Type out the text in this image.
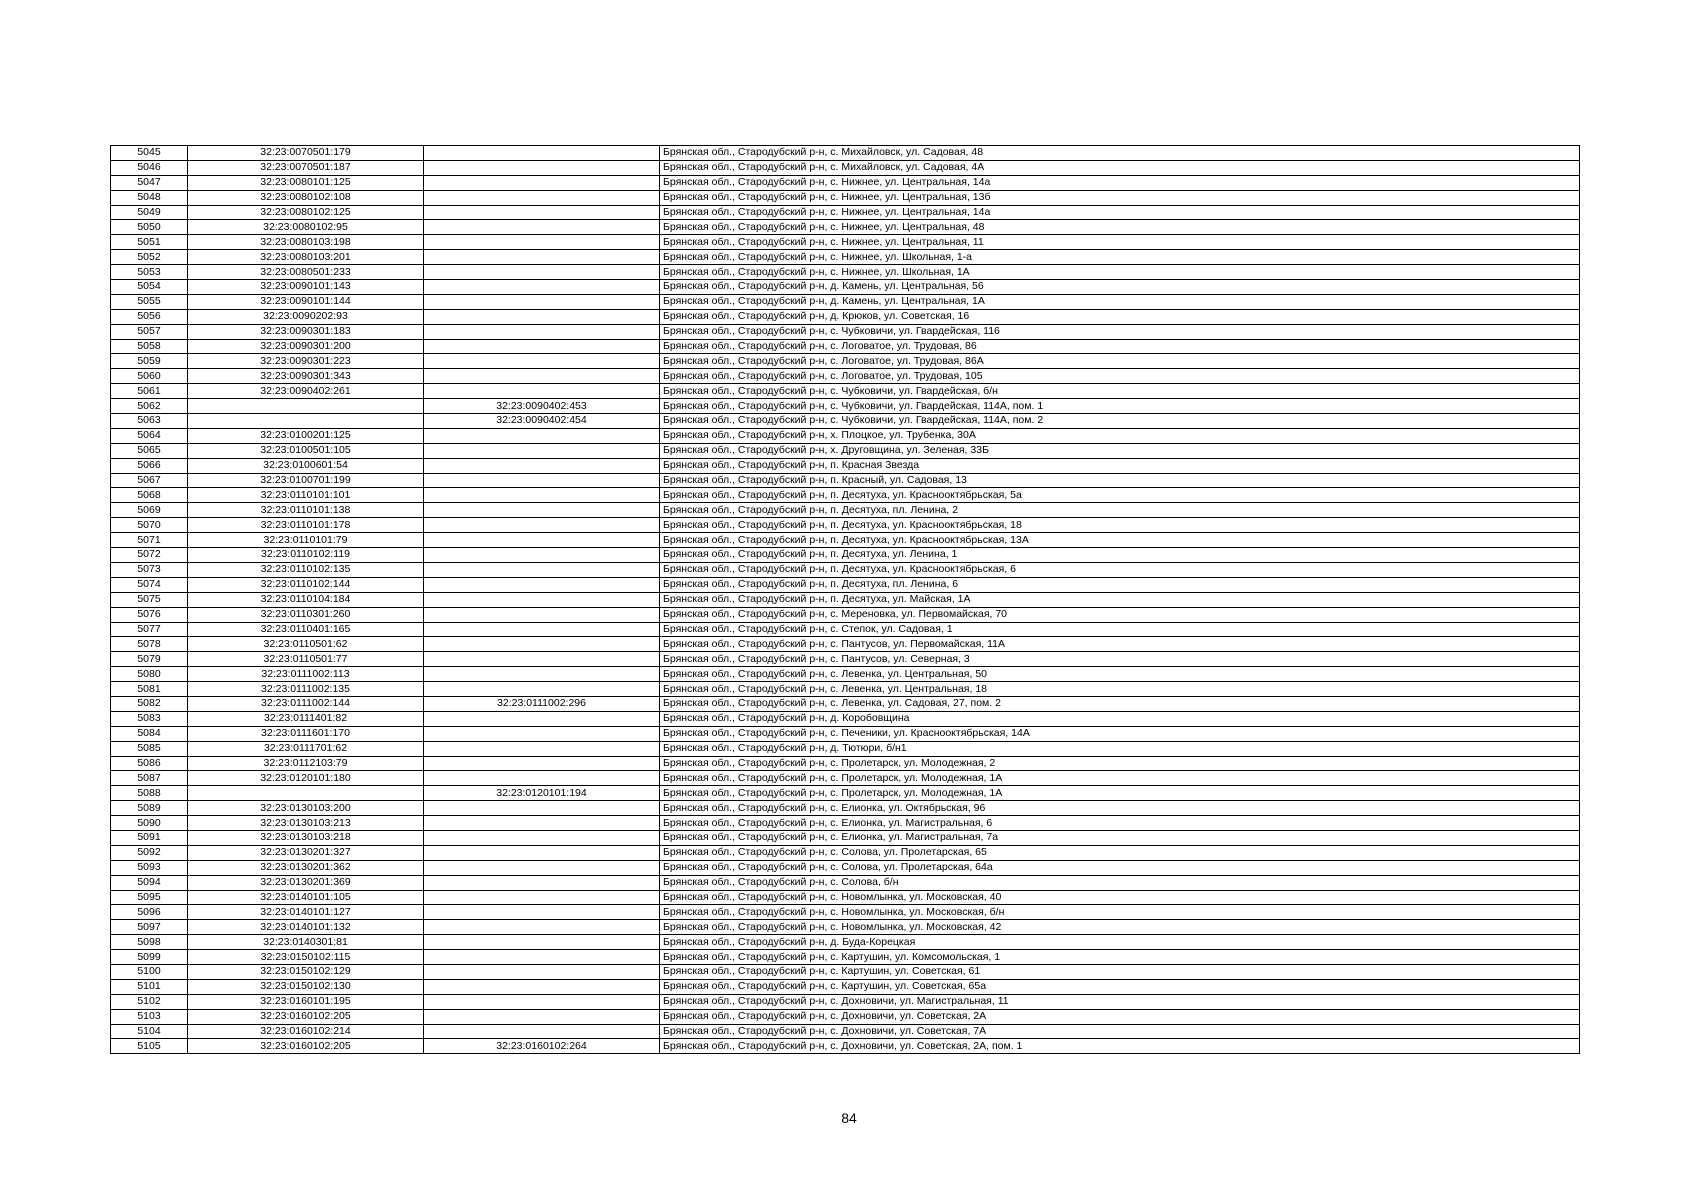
5045	32:23:0070501:179		Брянская обл., Стародубский р-н, с. Михайловск, ул. Садовая, 48
5046	32:23:0070501:187		Брянская обл., Стародубский р-н, с. Михайловск, ул. Садовая, 4А
5047	32:23:0080101:125		Брянская обл., Стародубский р-н, с. Нижнее, ул. Центральная, 14а
5048	32:23:0080102:108		Брянская обл., Стародубский р-н, с. Нижнее, ул. Центральная, 13б
5049	32:23:0080102:125		Брянская обл., Стародубский р-н, с. Нижнее, ул. Центральная, 14а
5050	32:23:0080102:95		Брянская обл., Стародубский р-н, с. Нижнее, ул. Центральная, 48
5051	32:23:0080103:198		Брянская обл., Стародубский р-н, с. Нижнее, ул. Центральная, 11
5052	32:23:0080103:201		Брянская обл., Стародубский р-н, с. Нижнее, ул. Школьная, 1-а
5053	32:23:0080501:233		Брянская обл., Стародубский р-н, с. Нижнее, ул. Школьная, 1А
5054	32:23:0090101:143		Брянская обл., Стародубский р-н, д. Камень, ул. Центральная, 56
5055	32:23:0090101:144		Брянская обл., Стародубский р-н, д. Камень, ул. Центральная, 1А
5056	32:23:0090202:93		Брянская обл., Стародубский р-н, д. Крюков, ул. Советская, 16
5057	32:23:0090301:183		Брянская обл., Стародубский р-н, с. Чубковичи, ул. Гвардейская, 116
5058	32:23:0090301:200		Брянская обл., Стародубский р-н, с. Логоватое, ул. Трудовая, 86
5059	32:23:0090301:223		Брянская обл., Стародубский р-н, с. Логоватое, ул. Трудовая, 86А
5060	32:23:0090301:343		Брянская обл., Стародубский р-н, с. Логоватое, ул. Трудовая, 105
5061	32:23:0090402:261		Брянская обл., Стародубский р-н, с. Чубковичи, ул. Гвардейская, б/н
5062		32:23:0090402:453	Брянская обл., Стародубский р-н, с. Чубковичи, ул. Гвардейская, 114А, пом. 1
5063		32:23:0090402:454	Брянская обл., Стародубский р-н, с. Чубковичи, ул. Гвардейская, 114А, пом. 2
5064	32:23:0100201:125		Брянская обл., Стародубский р-н, х. Плоцкое, ул. Трубенка, 30А
5065	32:23:0100501:105		Брянская обл., Стародубский р-н, х. Друговщина, ул. Зеленая, 33Б
5066	32:23:0100601:54		Брянская обл., Стародубский р-н, п. Красная Звезда
5067	32:23:0100701:199		Брянская обл., Стародубский р-н, п. Красный, ул. Садовая, 13
5068	32:23:0110101:101		Брянская обл., Стародубский р-н, п. Десятуха, ул. Краснооктябрьская, 5а
5069	32:23:0110101:138		Брянская обл., Стародубский р-н, п. Десятуха, пл. Ленина, 2
5070	32:23:0110101:178		Брянская обл., Стародубский р-н, п. Десятуха, ул. Краснооктябрьская, 18
5071	32:23:0110101:79		Брянская обл., Стародубский р-н, п. Десятуха, ул. Краснооктябрьская, 13А
5072	32:23:0110102:119		Брянская обл., Стародубский р-н, п. Десятуха, ул. Ленина, 1
5073	32:23:0110102:135		Брянская обл., Стародубский р-н, п. Десятуха, ул. Краснооктябрьская, 6
5074	32:23:0110102:144		Брянская обл., Стародубский р-н, п. Десятуха, пл. Ленина, 6
5075	32:23:0110104:184		Брянская обл., Стародубский р-н, п. Десятуха, ул. Майская, 1А
5076	32:23:0110301:260		Брянская обл., Стародубский р-н, с. Мереновка, ул. Первомайская, 70
5077	32:23:0110401:165		Брянская обл., Стародубский р-н, с. Степок, ул. Садовая, 1
5078	32:23:0110501:62		Брянская обл., Стародубский р-н, с. Пантусов, ул. Первомайская, 11А
5079	32:23:0110501:77		Брянская обл., Стародубский р-н, с. Пантусов, ул. Северная, 3
5080	32:23:0111002:113		Брянская обл., Стародубский р-н, с. Левенка, ул. Центральная, 50
5081	32:23:0111002:135		Брянская обл., Стародубский р-н, с. Левенка, ул. Центральная, 18
5082	32:23:0111002:144	32:23:0111002:296	Брянская обл., Стародубский р-н, с. Левенка, ул. Садовая, 27, пом. 2
5083	32:23:0111401:82		Брянская обл., Стародубский р-н, д. Коробовщина
5084	32:23:0111601:170		Брянская обл., Стародубский р-н, с. Печеники, ул. Краснооктябрьская, 14А
5085	32:23:0111701:62		Брянская обл., Стародубский р-н, д. Тютюри, б/н1
5086	32:23:0112103:79		Брянская обл., Стародубский р-н, с. Пролетарск, ул. Молодежная, 2
5087	32:23:0120101:180		Брянская обл., Стародубский р-н, с. Пролетарск, ул. Молодежная, 1А
5088		32:23:0120101:194	Брянская обл., Стародубский р-н, с. Пролетарск, ул. Молодежная, 1А
5089	32:23:0130103:200		Брянская обл., Стародубский р-н, с. Елионка, ул. Октябрьская, 96
5090	32:23:0130103:213		Брянская обл., Стародубский р-н, с. Елионка, ул. Магистральная, 6
5091	32:23:0130103:218		Брянская обл., Стародубский р-н, с. Елионка, ул. Магистральная, 7а
5092	32:23:0130201:327		Брянская обл., Стародубский р-н, с. Солова, ул. Пролетарская, 65
5093	32:23:0130201:362		Брянская обл., Стародубский р-н, с. Солова, ул. Пролетарская, 64а
5094	32:23:0130201:369		Брянская обл., Стародубский р-н, с. Солова, б/н
5095	32:23:0140101:105		Брянская обл., Стародубский р-н, с. Новомлынка, ул. Московская, 40
5096	32:23:0140101:127		Брянская обл., Стародубский р-н, с. Новомлынка, ул. Московская, б/н
5097	32:23:0140101:132		Брянская обл., Стародубский р-н, с. Новомлынка, ул. Московская, 42
5098	32:23:0140301:81		Брянская обл., Стародубский р-н, д. Буда-Корецкая
5099	32:23:0150102:115		Брянская обл., Стародубский р-н, с. Картушин, ул. Комсомольская, 1
5100	32:23:0150102:129		Брянская обл., Стародубский р-н, с. Картушин, ул. Советская, 61
5101	32:23:0150102:130		Брянская обл., Стародубский р-н, с. Картушин, ул. Советская, 65а
5102	32:23:0160101:195		Брянская обл., Стародубский р-н, с. Дохновичи, ул. Магистральная, 11
5103	32:23:0160102:205		Брянская обл., Стародубский р-н, с. Дохновичи, ул. Советская, 2А
5104	32:23:0160102:214		Брянская обл., Стародубский р-н, с. Дохновичи, ул. Советская, 7А
5105	32:23:0160102:205	32:23:0160102:264	Брянская обл., Стародубский р-н, с. Дохновичи, ул. Советская, 2А, пом. 1
84
